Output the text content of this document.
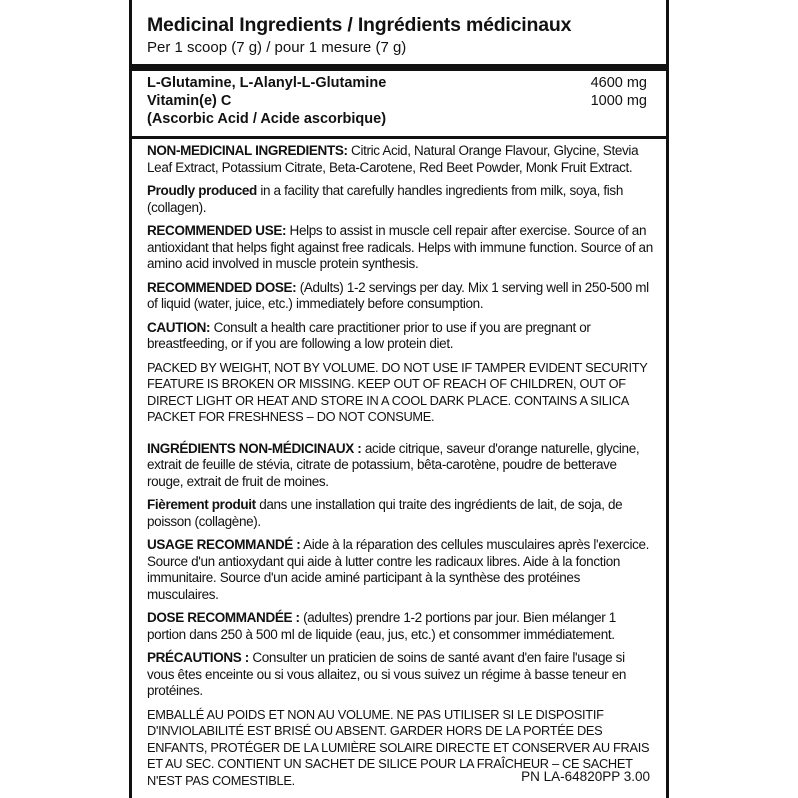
Medicinal Ingredients / Ingrédients médicinaux
Per 1 scoop (7 g) / pour 1 mesure (7 g)
L-Glutamine, L-Alanyl-L-Glutamine	4600 mg
Vitamin(e) C	1000 mg
(Ascorbic Acid / Acide ascorbique)

NON-MEDICINAL INGREDIENTS: Citric Acid, Natural Orange Flavour, Glycine, Stevia Leaf Extract, Potassium Citrate, Beta-Carotene, Red Beet Powder, Monk Fruit Extract.

Proudly produced in a facility that carefully handles ingredients from milk, soya, fish (collagen).

RECOMMENDED USE: Helps to assist in muscle cell repair after exercise. Source of an antioxidant that helps fight against free radicals. Helps with immune function. Source of an amino acid involved in muscle protein synthesis.

RECOMMENDED DOSE: (Adults) 1-2 servings per day. Mix 1 serving well in 250-500 ml of liquid (water, juice, etc.) immediately before consumption.

CAUTION: Consult a health care practitioner prior to use if you are pregnant or breastfeeding, or if you are following a low protein diet.

PACKED BY WEIGHT, NOT BY VOLUME. DO NOT USE IF TAMPER EVIDENT SECURITY FEATURE IS BROKEN OR MISSING. KEEP OUT OF REACH OF CHILDREN, OUT OF DIRECT LIGHT OR HEAT AND STORE IN A COOL DARK PLACE. CONTAINS A SILICA PACKET FOR FRESHNESS – DO NOT CONSUME.

INGRÉDIENTS NON-MÉDICINAUX : acide citrique, saveur d'orange naturelle, glycine, extrait de feuille de stévia, citrate de potassium, bêta-carotène, poudre de betterave rouge, extrait de fruit de moines.

Fièrement produit dans une installation qui traite des ingrédients de lait, de soja, de poisson (collagène).

USAGE RECOMMANDÉ : Aide à la réparation des cellules musculaires après l'exercice. Source d'un antioxydant qui aide à lutter contre les radicaux libres. Aide à la fonction immunitaire. Source d'un acide aminé participant à la synthèse des protéines musculaires.

DOSE RECOMMANDÉE : (adultes) prendre 1-2 portions par jour. Bien mélanger 1 portion dans 250 à 500 ml de liquide (eau, jus, etc.) et consommer immédiatement.

PRÉCAUTIONS : Consulter un praticien de soins de santé avant d'en faire l'usage si vous êtes enceinte ou si vous allaitez, ou si vous suivez un régime à basse teneur en protéines.

EMBALLÉ AU POIDS ET NON AU VOLUME. NE PAS UTILISER SI LE DISPOSITIF D'INVIOLABILITÉ EST BRISÉ OU ABSENT. GARDER HORS DE LA PORTÉE DES ENFANTS, PROTÉGER DE LA LUMIÈRE SOLAIRE DIRECTE ET CONSERVER AU FRAIS ET AU SEC. CONTIENT UN SACHET DE SILICE POUR LA FRAÎCHEUR – CE SACHET N'EST PAS COMESTIBLE.	PN LA-64820PP 3.00
